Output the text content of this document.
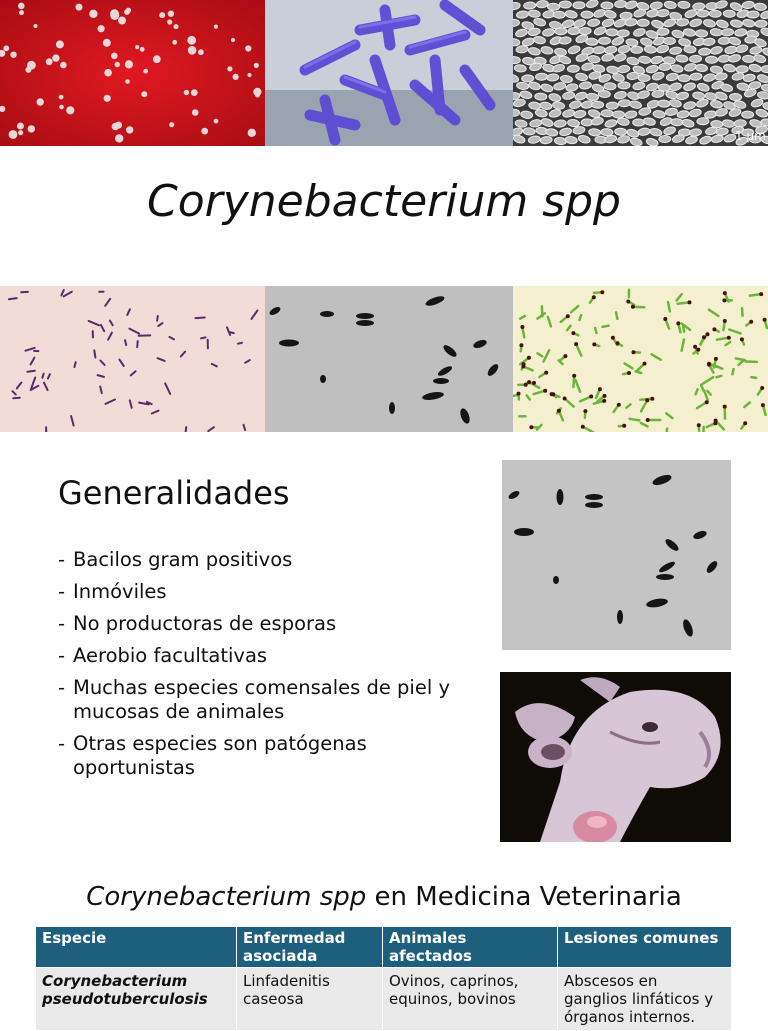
1 µm
Corynebacterium spp
Generalidades
- Bacilos gram positivos
- Inmóviles
- No productoras de esporas
- Aerobio facultativas
- Muchas especies comensales de piel y mucosas de animales
- Otras especies son patógenas oportunistas
Corynebacterium spp en Medicina Veterinaria
Especie	Enfermedad asociada	Animales afectados	Lesiones comunes
Corynebacterium pseudotuberculosis	Linfadenitis caseosa	Ovinos, caprinos, equinos, bovinos	Abscesos en ganglios linfáticos y órganos internos.
